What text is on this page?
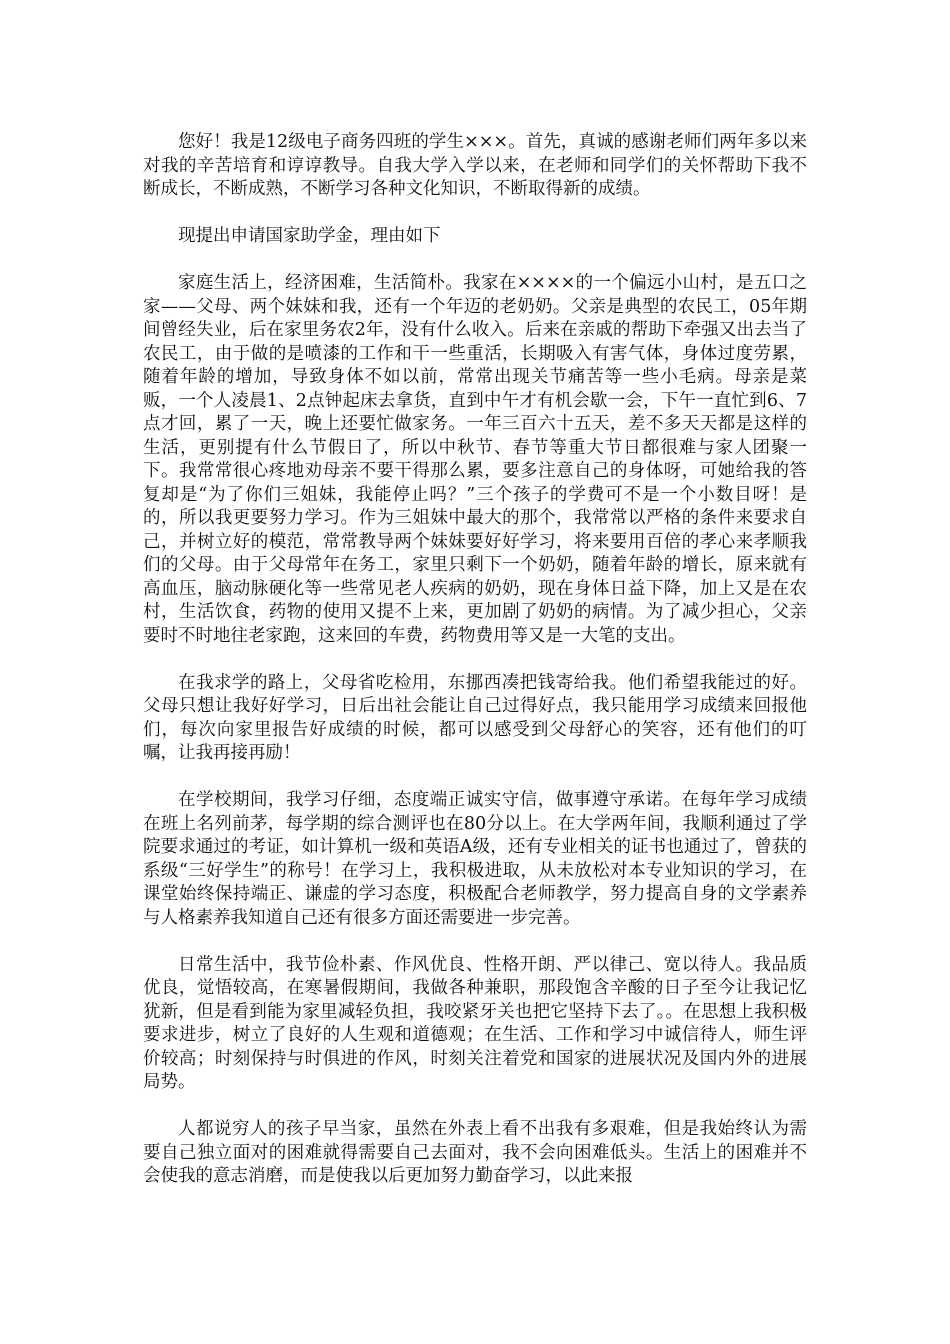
您好！我是12级电子商务四班的学生×××。首先，真诚的感谢老师们两年多以来对我的辛苦培育和谆谆教导。自我大学入学以来，在老师和同学们的关怀帮助下我不断成长，不断成熟，不断学习各种文化知识，不断取得新的成绩。

现提出申请国家助学金，理由如下

家庭生活上，经济困难，生活简朴。我家在××××的一个偏远小山村，是五口之家——父母、两个妹妹和我，还有一个年迈的老奶奶。父亲是典型的农民工，05年期间曾经失业，后在家里务农2年，没有什么收入。后来在亲戚的帮助下牵强又出去当了农民工，由于做的是喷漆的工作和干一些重活，长期吸入有害气体，身体过度劳累，随着年龄的增加，导致身体不如以前，常常出现关节痛苦等一些小毛病。母亲是菜贩，一个人凌晨1、2点钟起床去拿货，直到中午才有机会歇一会，下午一直忙到6、7点才回，累了一天，晚上还要忙做家务。一年三百六十五天，差不多天天都是这样的生活，更别提有什么节假日了，所以中秋节、春节等重大节日都很难与家人团聚一下。我常常很心疼地劝母亲不要干得那么累，要多注意自己的身体呀，可她给我的答复却是“为了你们三姐妹，我能停止吗？”三个孩子的学费可不是一个小数目呀！是的，所以我更要努力学习。作为三姐妹中最大的那个，我常常以严格的条件来要求自己，并树立好的模范，常常教导两个妹妹要好好学习，将来要用百倍的孝心来孝顺我们的父母。由于父母常年在务工，家里只剩下一个奶奶，随着年龄的增长，原来就有高血压，脑动脉硬化等一些常见老人疾病的奶奶，现在身体日益下降，加上又是在农村，生活饮食，药物的使用又提不上来，更加剧了奶奶的病情。为了减少担心，父亲要时不时地往老家跑，这来回的车费，药物费用等又是一大笔的支出。

在我求学的路上，父母省吃检用，东挪西凑把钱寄给我。他们希望我能过的好。父母只想让我好好学习，日后出社会能让自己过得好点，我只能用学习成绩来回报他们，每次向家里报告好成绩的时候，都可以感受到父母舒心的笑容，还有他们的叮嘱，让我再接再励！

在学校期间，我学习仔细，态度端正诚实守信，做事遵守承诺。在每年学习成绩在班上名列前茅，每学期的综合测评也在80分以上。在大学两年间，我顺利通过了学院要求通过的考证，如计算机一级和英语A级，还有专业相关的证书也通过了，曾获的系级“三好学生”的称号！在学习上，我积极进取，从未放松对本专业知识的学习，在课堂始终保持端正、谦虚的学习态度，积极配合老师教学，努力提高自身的文学素养与人格素养我知道自己还有很多方面还需要进一步完善。

日常生活中，我节俭朴素、作风优良、性格开朗、严以律己、宽以待人。我品质优良，觉悟较高，在寒暑假期间，我做各种兼职，那段饱含辛酸的日子至今让我记忆犹新，但是看到能为家里减轻负担，我咬紧牙关也把它坚持下去了。。在思想上我积极要求进步，树立了良好的人生观和道德观；在生活、工作和学习中诚信待人，师生评价较高；时刻保持与时俱进的作风，时刻关注着党和国家的进展状况及国内外的进展局势。

人都说穷人的孩子早当家，虽然在外表上看不出我有多艰难，但是我始终认为需要自己独立面对的困难就得需要自己去面对，我不会向困难低头。生活上的困难并不会使我的意志消磨，而是使我以后更加努力勤奋学习，以此来报
